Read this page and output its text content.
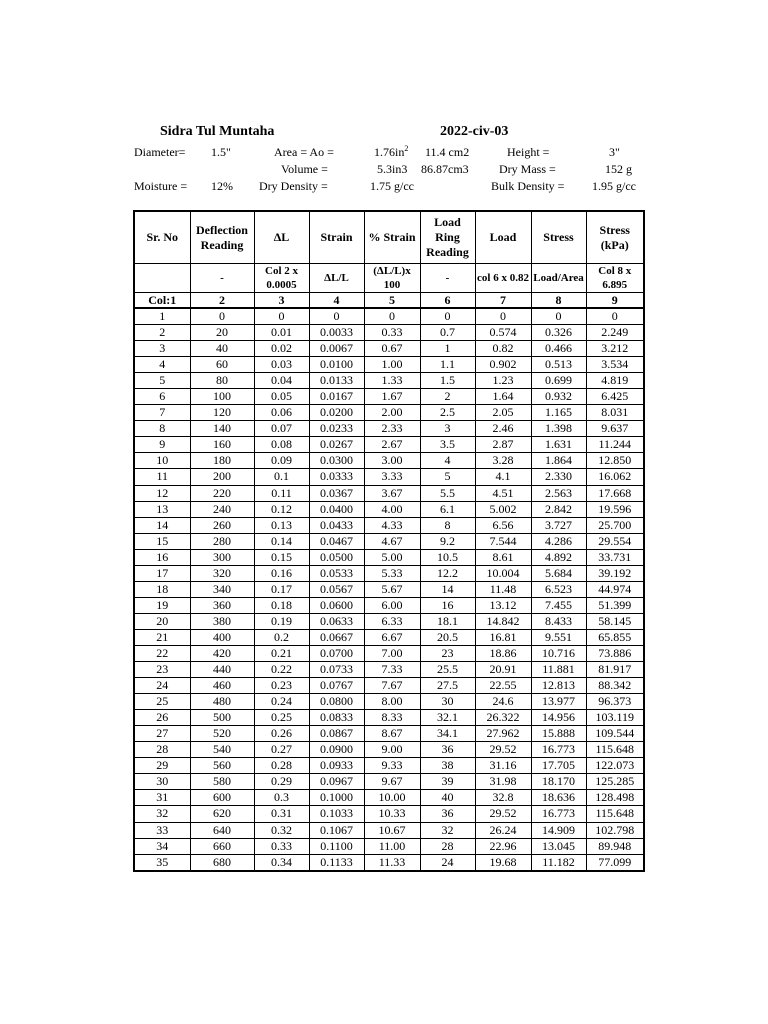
Sidra Tul Muntaha	2022-civ-03
Diameter= 1.5"	Area = Ao =	$1.76in^2$ 11.4 cm2	Height =	3"
Volume =	5.3in3 86.87cm3	Dry Mass =	152 g
Moisture = 12% Dry Density =	1.75 g/cc	Bulk Density = 1.95 g/cc
Sr. No	Deflection Reading	ΔL	Strain	% Strain	Load Ring Reading	Load	Stress	Stress (kPa)
	-	Col 2 x 0.0005	ΔL/L	(ΔL/L)x 100	-	col 6 x 0.82	Load/Area	Col 8 x 6.895
Col:1	2	3	4	5	6	7	8	9
1	0	0	0	0	0	0	0	0
2	20	0.01	0.0033	0.33	0.7	0.574	0.326	2.249
3	40	0.02	0.0067	0.67	1	0.82	0.466	3.212
4	60	0.03	0.0100	1.00	1.1	0.902	0.513	3.534
5	80	0.04	0.0133	1.33	1.5	1.23	0.699	4.819
6	100	0.05	0.0167	1.67	2	1.64	0.932	6.425
7	120	0.06	0.0200	2.00	2.5	2.05	1.165	8.031
8	140	0.07	0.0233	2.33	3	2.46	1.398	9.637
9	160	0.08	0.0267	2.67	3.5	2.87	1.631	11.244
10	180	0.09	0.0300	3.00	4	3.28	1.864	12.850
11	200	0.1	0.0333	3.33	5	4.1	2.330	16.062
12	220	0.11	0.0367	3.67	5.5	4.51	2.563	17.668
13	240	0.12	0.0400	4.00	6.1	5.002	2.842	19.596
14	260	0.13	0.0433	4.33	8	6.56	3.727	25.700
15	280	0.14	0.0467	4.67	9.2	7.544	4.286	29.554
16	300	0.15	0.0500	5.00	10.5	8.61	4.892	33.731
17	320	0.16	0.0533	5.33	12.2	10.004	5.684	39.192
18	340	0.17	0.0567	5.67	14	11.48	6.523	44.974
19	360	0.18	0.0600	6.00	16	13.12	7.455	51.399
20	380	0.19	0.0633	6.33	18.1	14.842	8.433	58.145
21	400	0.2	0.0667	6.67	20.5	16.81	9.551	65.855
22	420	0.21	0.0700	7.00	23	18.86	10.716	73.886
23	440	0.22	0.0733	7.33	25.5	20.91	11.881	81.917
24	460	0.23	0.0767	7.67	27.5	22.55	12.813	88.342
25	480	0.24	0.0800	8.00	30	24.6	13.977	96.373
26	500	0.25	0.0833	8.33	32.1	26.322	14.956	103.119
27	520	0.26	0.0867	8.67	34.1	27.962	15.888	109.544
28	540	0.27	0.0900	9.00	36	29.52	16.773	115.648
29	560	0.28	0.0933	9.33	38	31.16	17.705	122.073
30	580	0.29	0.0967	9.67	39	31.98	18.170	125.285
31	600	0.3	0.1000	10.00	40	32.8	18.636	128.498
32	620	0.31	0.1033	10.33	36	29.52	16.773	115.648
33	640	0.32	0.1067	10.67	32	26.24	14.909	102.798
34	660	0.33	0.1100	11.00	28	22.96	13.045	89.948
35	680	0.34	0.1133	11.33	24	19.68	11.182	77.099
